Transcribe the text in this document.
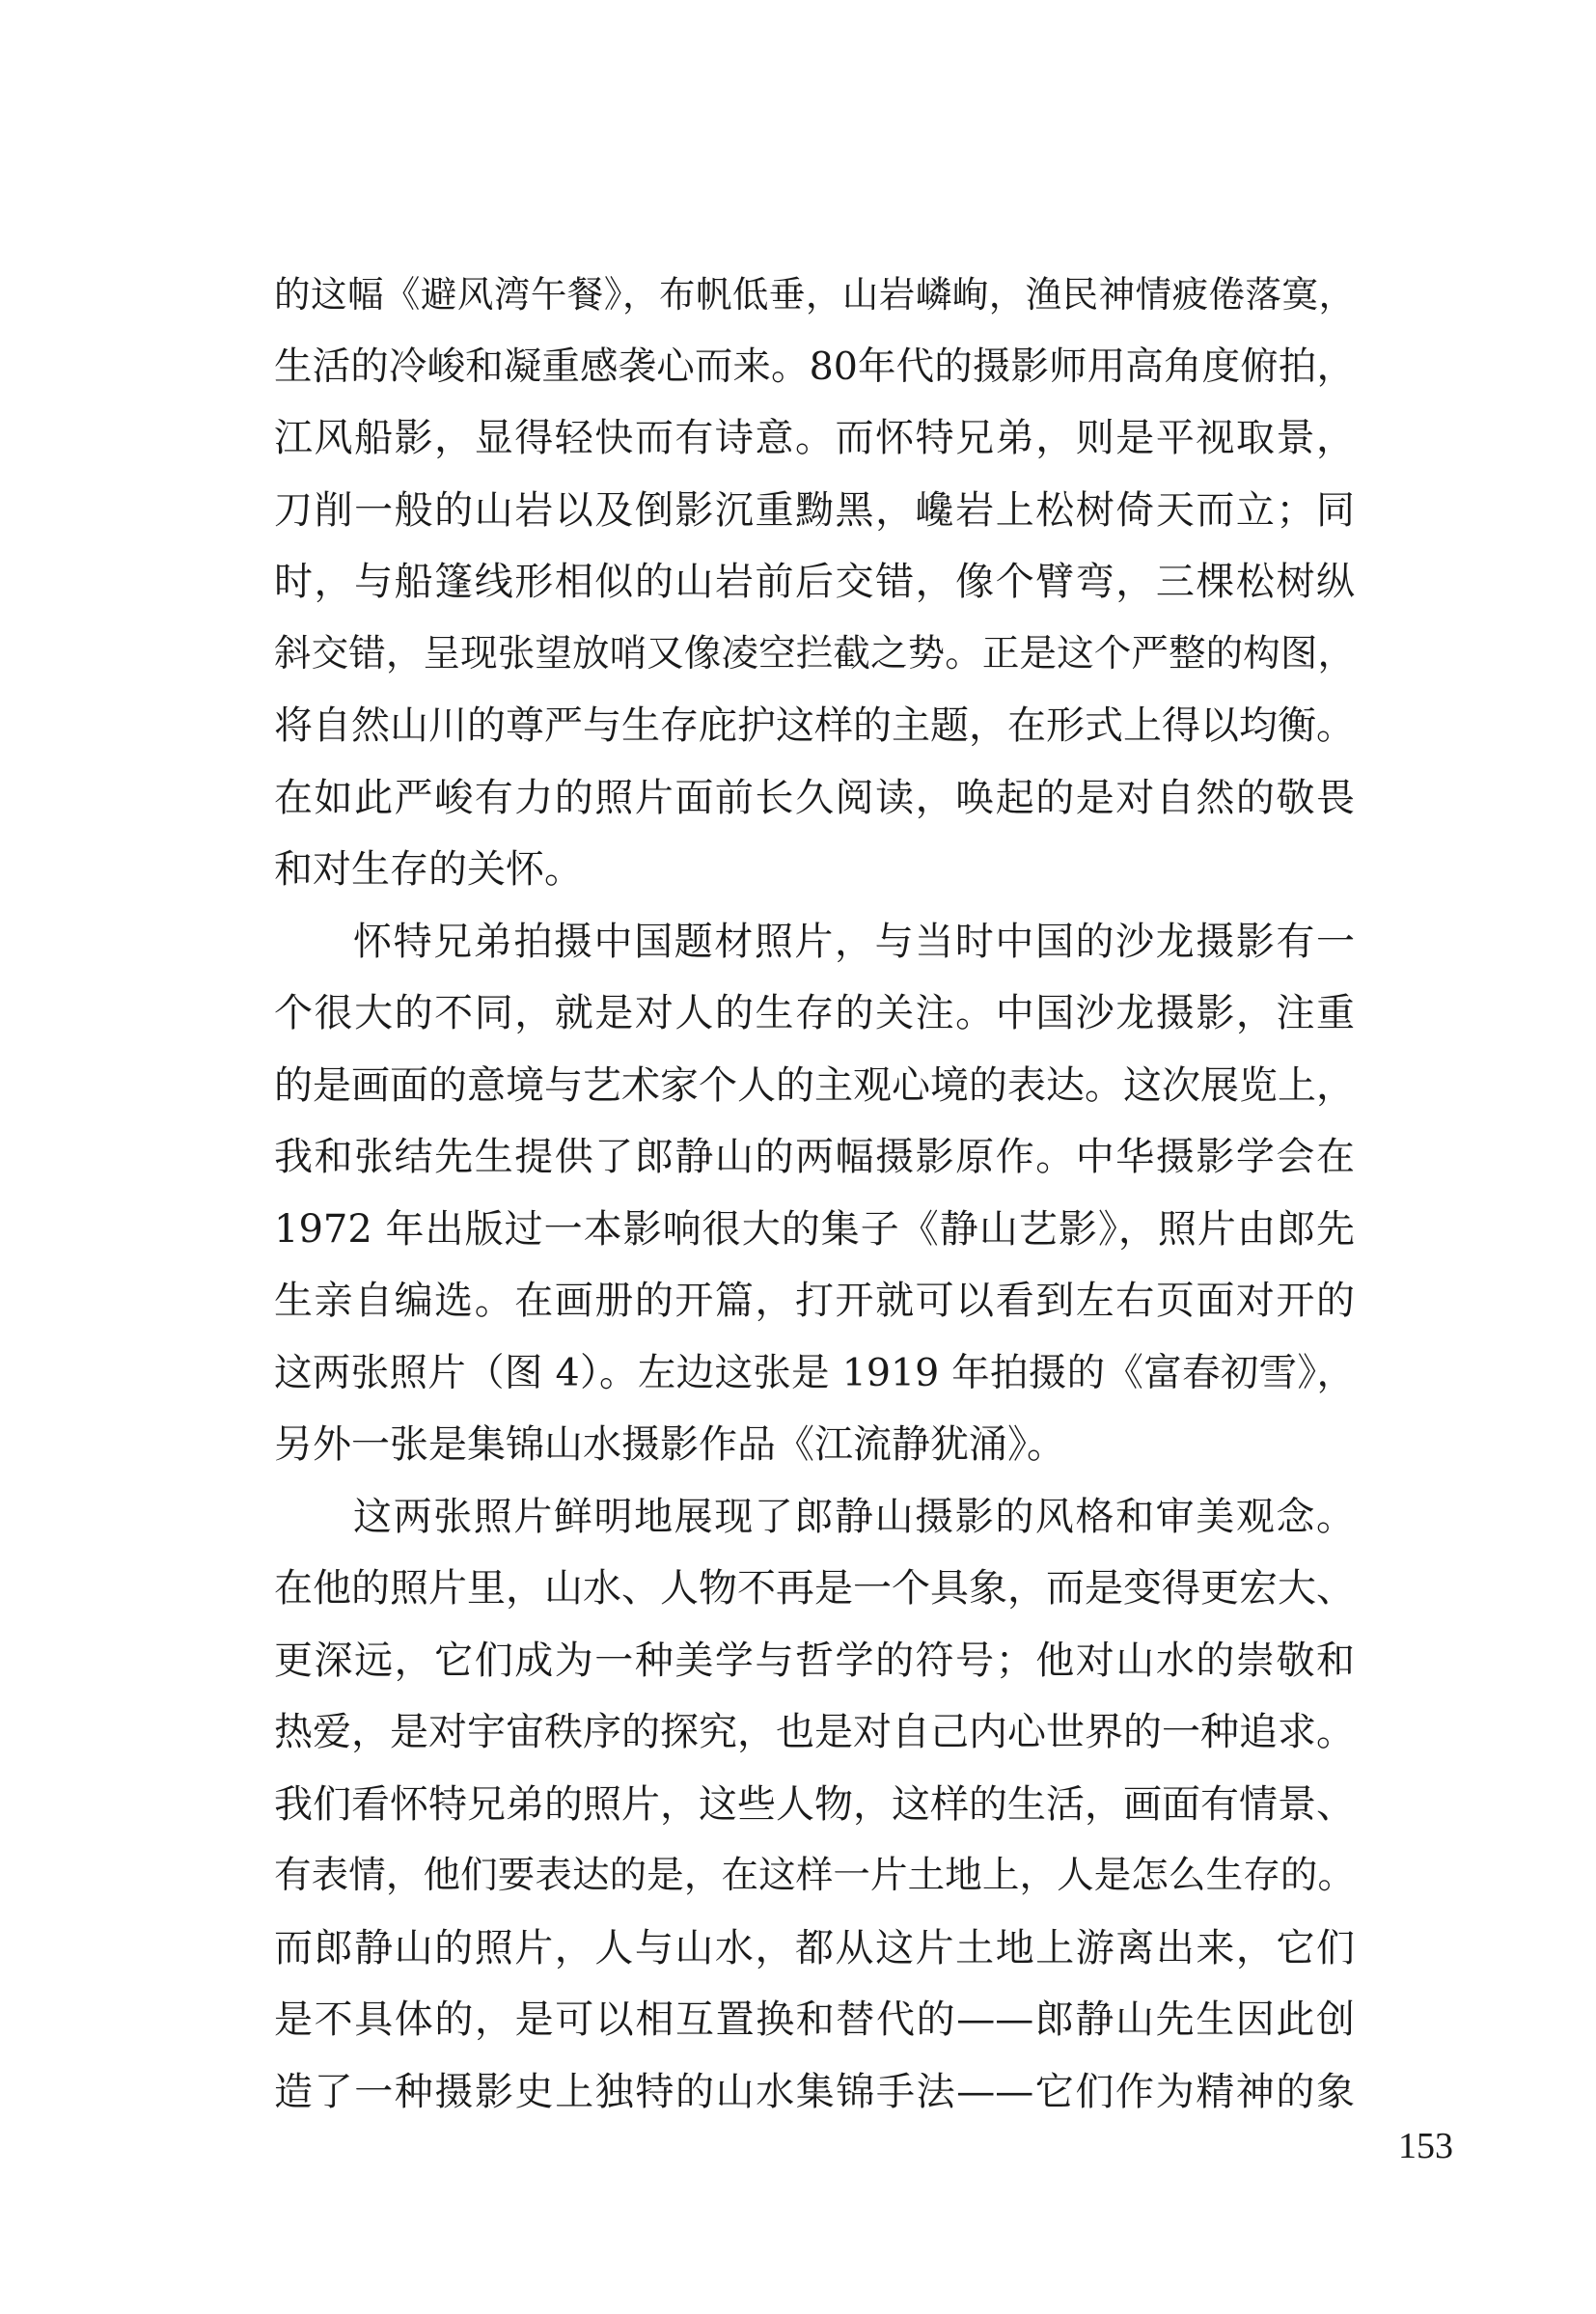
的这幅《避风湾午餐》，布帆低垂，山岩嶙峋，渔民神情疲倦落寞，
生活的冷峻和凝重感袭心而来。80年代的摄影师用高角度俯拍，
江风船影，显得轻快而有诗意。而怀特兄弟，则是平视取景，
刀削一般的山岩以及倒影沉重黝黑，巉岩上松树倚天而立；同
时，与船篷线形相似的山岩前后交错，像个臂弯，三棵松树纵
斜交错，呈现张望放哨又像凌空拦截之势。正是这个严整的构图，
将自然山川的尊严与生存庇护这样的主题，在形式上得以均衡。
在如此严峻有力的照片面前长久阅读，唤起的是对自然的敬畏
和对生存的关怀。
怀特兄弟拍摄中国题材照片，与当时中国的沙龙摄影有一
个很大的不同，就是对人的生存的关注。中国沙龙摄影，注重
的是画面的意境与艺术家个人的主观心境的表达。这次展览上，
我和张结先生提供了郎静山的两幅摄影原作。中华摄影学会在
1972 年出版过一本影响很大的集子《静山艺影》，照片由郎先
生亲自编选。在画册的开篇，打开就可以看到左右页面对开的
这两张照片（图 4）。左边这张是 1919 年拍摄的《富春初雪》，
另外一张是集锦山水摄影作品《江流静犹涌》。
这两张照片鲜明地展现了郎静山摄影的风格和审美观念。
在他的照片里，山水、人物不再是一个具象，而是变得更宏大、
更深远，它们成为一种美学与哲学的符号；他对山水的崇敬和
热爱，是对宇宙秩序的探究，也是对自己内心世界的一种追求。
我们看怀特兄弟的照片，这些人物，这样的生活，画面有情景、
有表情，他们要表达的是，在这样一片土地上，人是怎么生存的。
而郎静山的照片，人与山水，都从这片土地上游离出来，它们
是不具体的，是可以相互置换和替代的——郎静山先生因此创
造了一种摄影史上独特的山水集锦手法——它们作为精神的象
153
